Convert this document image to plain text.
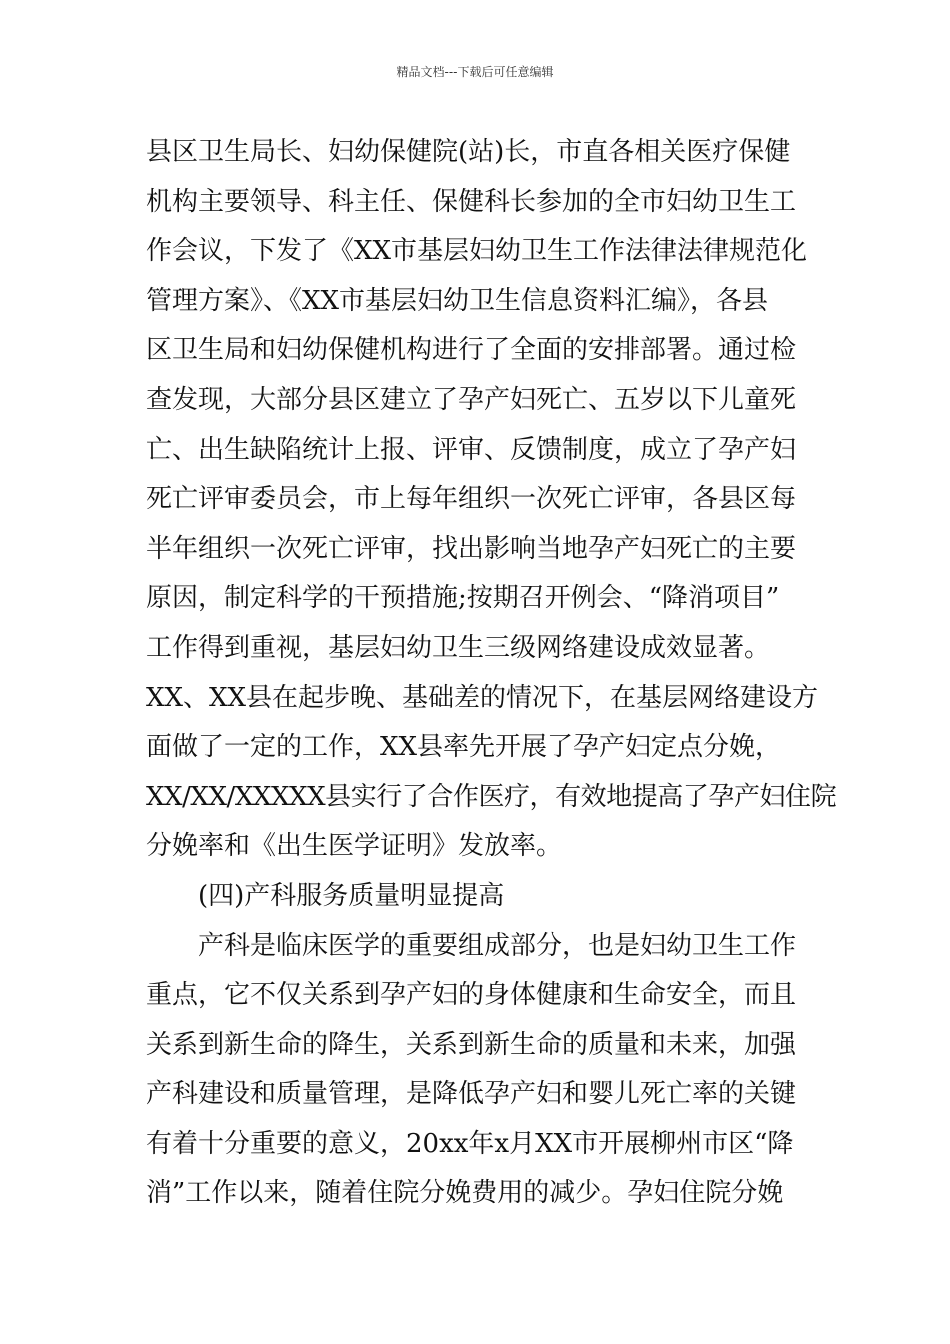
精品文档---下载后可任意编辑
县区卫生局长、妇幼保健院(站)长，市直各相关医疗保健
机构主要领导、科主任、保健科长参加的全市妇幼卫生工
作会议，下发了《XX市基层妇幼卫生工作法律法律规范化
管理方案》、《XX市基层妇幼卫生信息资料汇编》，各县
区卫生局和妇幼保健机构进行了全面的安排部署。通过检
查发现，大部分县区建立了孕产妇死亡、五岁以下儿童死
亡、出生缺陷统计上报、评审、反馈制度，成立了孕产妇
死亡评审委员会，市上每年组织一次死亡评审，各县区每
半年组织一次死亡评审，找出影响当地孕产妇死亡的主要
原因，制定科学的干预措施;按期召开例会、“降消项目”
工作得到重视，基层妇幼卫生三级网络建设成效显著。
XX、XX县在起步晚、基础差的情况下，在基层网络建设方
面做了一定的工作，XX县率先开展了孕产妇定点分娩，
XX/XX/XXXXX县实行了合作医疗，有效地提高了孕产妇住院
分娩率和《出生医学证明》发放率。
(四)产科服务质量明显提高
产科是临床医学的重要组成部分，也是妇幼卫生工作
重点，它不仅关系到孕产妇的身体健康和生命安全，而且
关系到新生命的降生，关系到新生命的质量和未来，加强
产科建设和质量管理，是降低孕产妇和婴儿死亡率的关键
有着十分重要的意义，20xx年x月XX市开展柳州市区“降
消”工作以来，随着住院分娩费用的减少。孕妇住院分娩
